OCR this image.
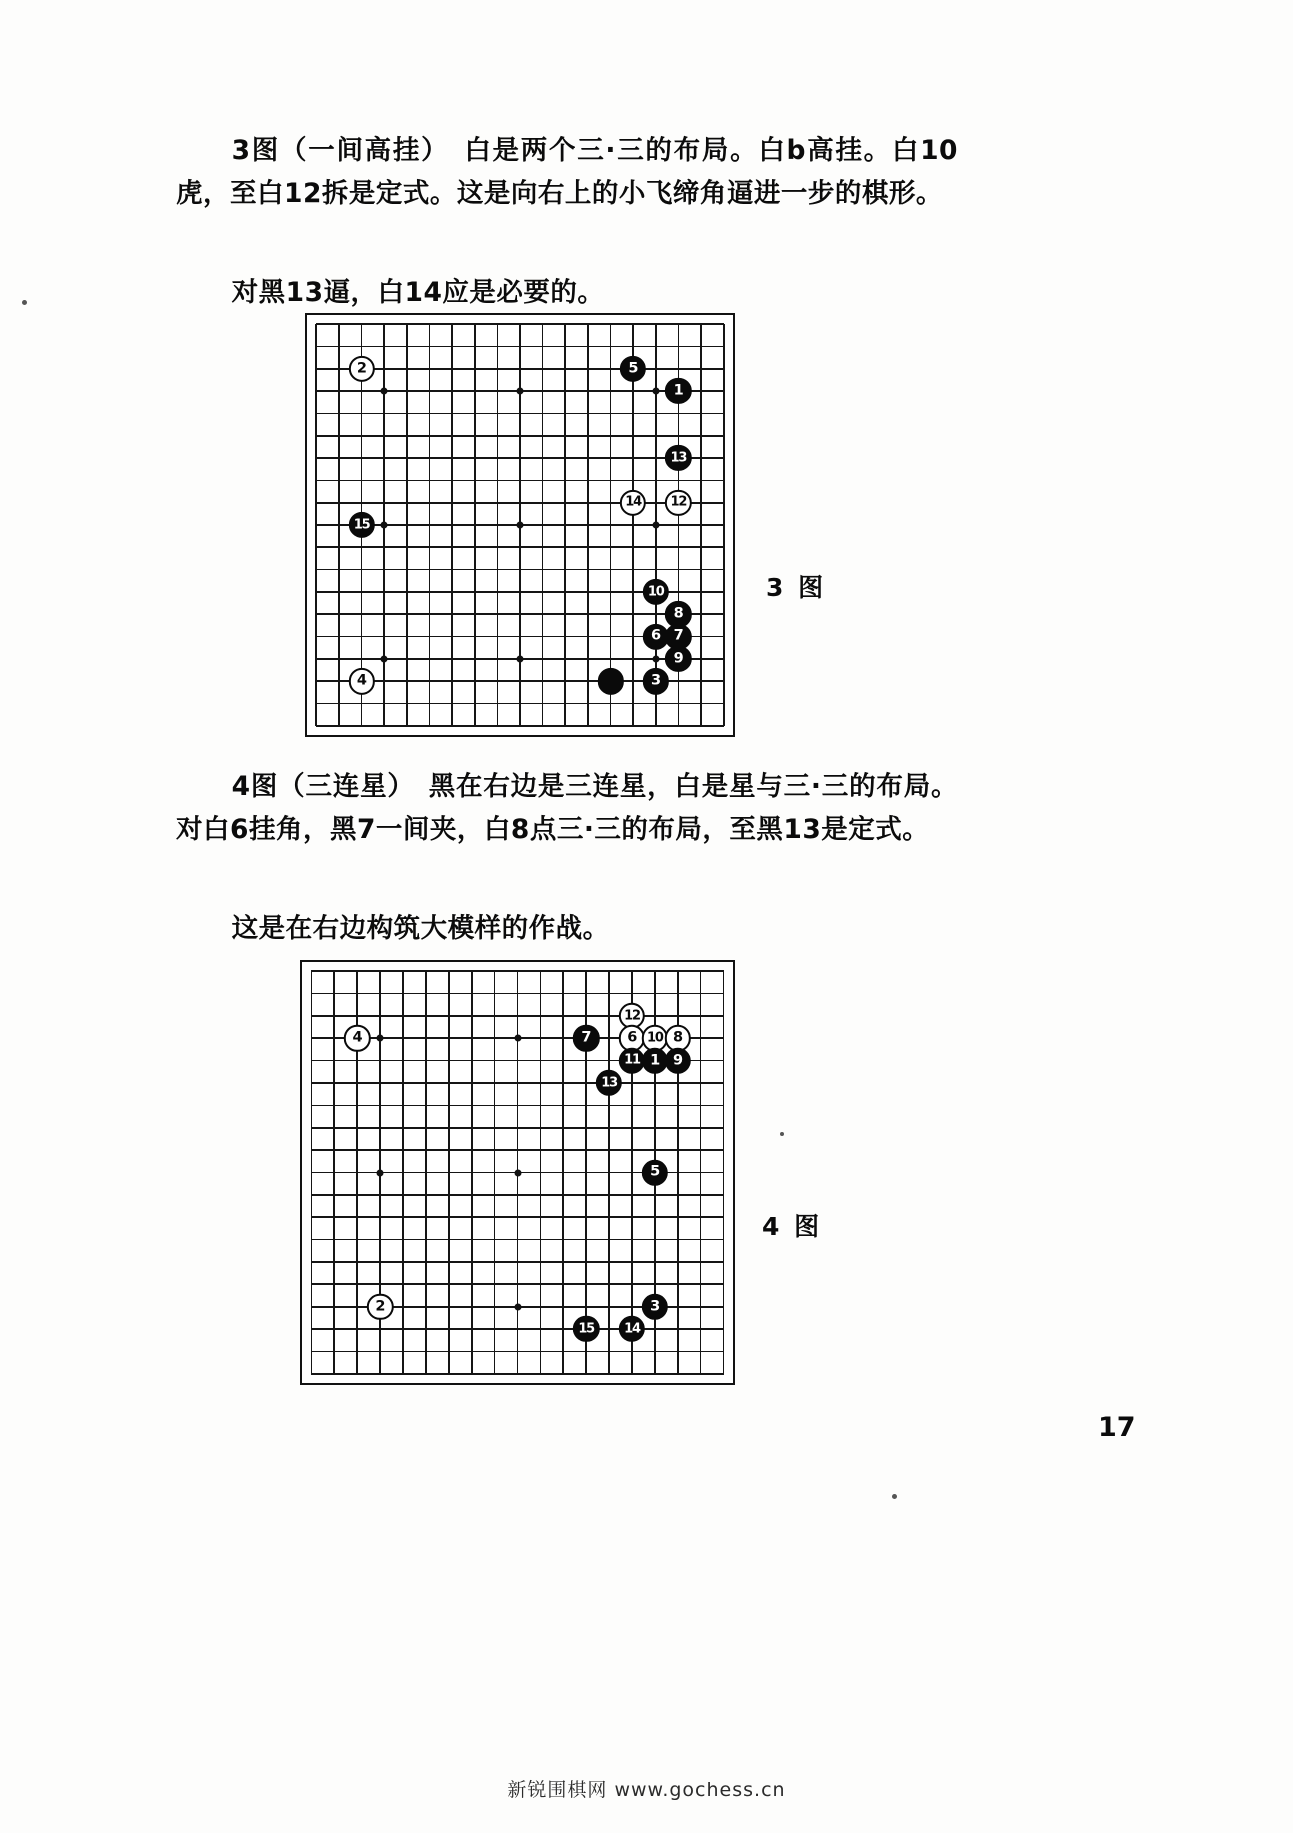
3图（一间高挂）　白是两个三·三的布局。白b高挂。白10虎，至白12拆是定式。这是向右上的小飞缔角逼进一步的棋形。
对黑13逼，白14应是必要的。
2	5
1
13
14 12
15
10
8
6 7
9
3
4
3 图
4图（三连星）　黑在右边是三连星，白是星与三·三的布局。对白6挂角，黑7一间夹，白8点三·三的布局，至黑13是定式。
这是在右边构筑大模样的作战。
4
12
7	6 10 8
11 1 9
13
5
2	3
15 14
4 图
17
新锐围棋网 www.gochess.cn
